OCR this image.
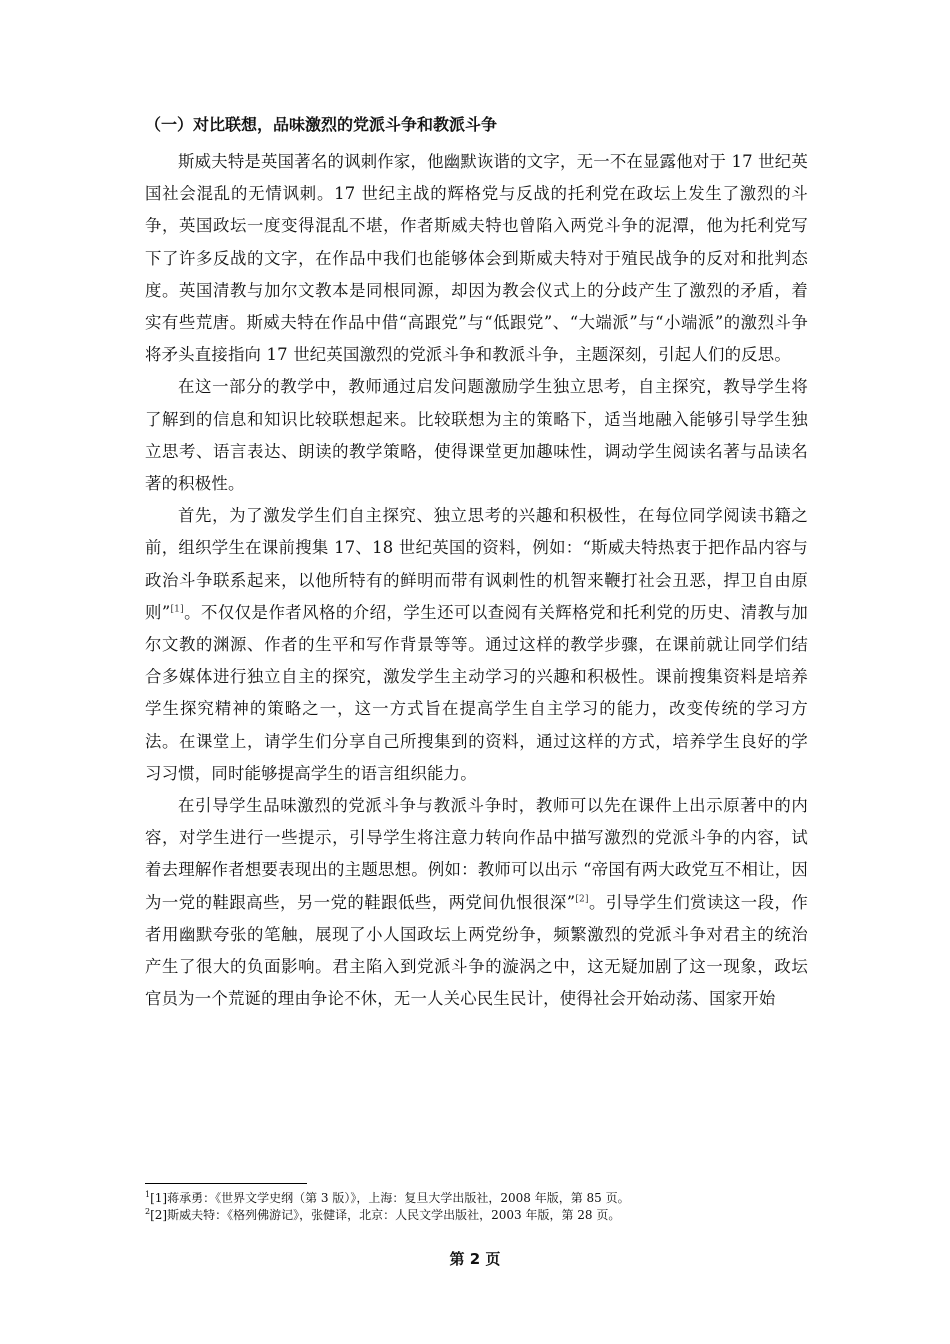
（一）对比联想，品味激烈的党派斗争和教派斗争

斯威夫特是英国著名的讽刺作家，他幽默诙谐的文字，无一不在显露他对于 17 世纪英国社会混乱的无情讽刺。17 世纪主战的辉格党与反战的托利党在政坛上发生了激烈的斗争，英国政坛一度变得混乱不堪，作者斯威夫特也曾陷入两党斗争的泥潭，他为托利党写下了许多反战的文字，在作品中我们也能够体会到斯威夫特对于殖民战争的反对和批判态度。英国清教与加尔文教本是同根同源，却因为教会仪式上的分歧产生了激烈的矛盾，着实有些荒唐。斯威夫特在作品中借“高跟党”与“低跟党”、“大端派”与“小端派”的激烈斗争将矛头直接指向 17 世纪英国激烈的党派斗争和教派斗争，主题深刻，引起人们的反思。

在这一部分的教学中，教师通过启发问题激励学生独立思考，自主探究，教导学生将了解到的信息和知识比较联想起来。比较联想为主的策略下，适当地融入能够引导学生独立思考、语言表达、朗读的教学策略，使得课堂更加趣味性，调动学生阅读名著与品读名著的积极性。

首先，为了激发学生们自主探究、独立思考的兴趣和积极性，在每位同学阅读书籍之前，组织学生在课前搜集 17、18 世纪英国的资料，例如：“斯威夫特热衷于把作品内容与政治斗争联系起来，以他所特有的鲜明而带有讽刺性的机智来鞭打社会丑恶，捍卫自由原则”[1]。不仅仅是作者风格的介绍，学生还可以查阅有关辉格党和托利党的历史、清教与加尔文教的渊源、作者的生平和写作背景等等。通过这样的教学步骤，在课前就让同学们结合多媒体进行独立自主的探究，激发学生主动学习的兴趣和积极性。课前搜集资料是培养学生探究精神的策略之一，这一方式旨在提高学生自主学习的能力，改变传统的学习方法。在课堂上，请学生们分享自己所搜集到的资料，通过这样的方式，培养学生良好的学习习惯，同时能够提高学生的语言组织能力。

在引导学生品味激烈的党派斗争与教派斗争时，教师可以先在课件上出示原著中的内容，对学生进行一些提示，引导学生将注意力转向作品中描写激烈的党派斗争的内容，试着去理解作者想要表现出的主题思想。例如：教师可以出示 “帝国有两大政党互不相让，因为一党的鞋跟高些，另一党的鞋跟低些，两党间仇恨很深”[2]。引导学生们赏读这一段，作者用幽默夸张的笔触，展现了小人国政坛上两党纷争，频繁激烈的党派斗争对君主的统治产生了很大的负面影响。君主陷入到党派斗争的漩涡之中，这无疑加剧了这一现象，政坛官员为一个荒诞的理由争论不休，无一人关心民生民计，使得社会开始动荡、国家开始

$^1$[1]蒋承勇：《世界文学史纲（第 3 版）》，上海：复旦大学出版社，2008 年版，第 85 页。

$^2$[2]斯威夫特：《格列佛游记》，张健译，北京：人民文学出版社，2003 年版，第 28 页。

第 2 页
